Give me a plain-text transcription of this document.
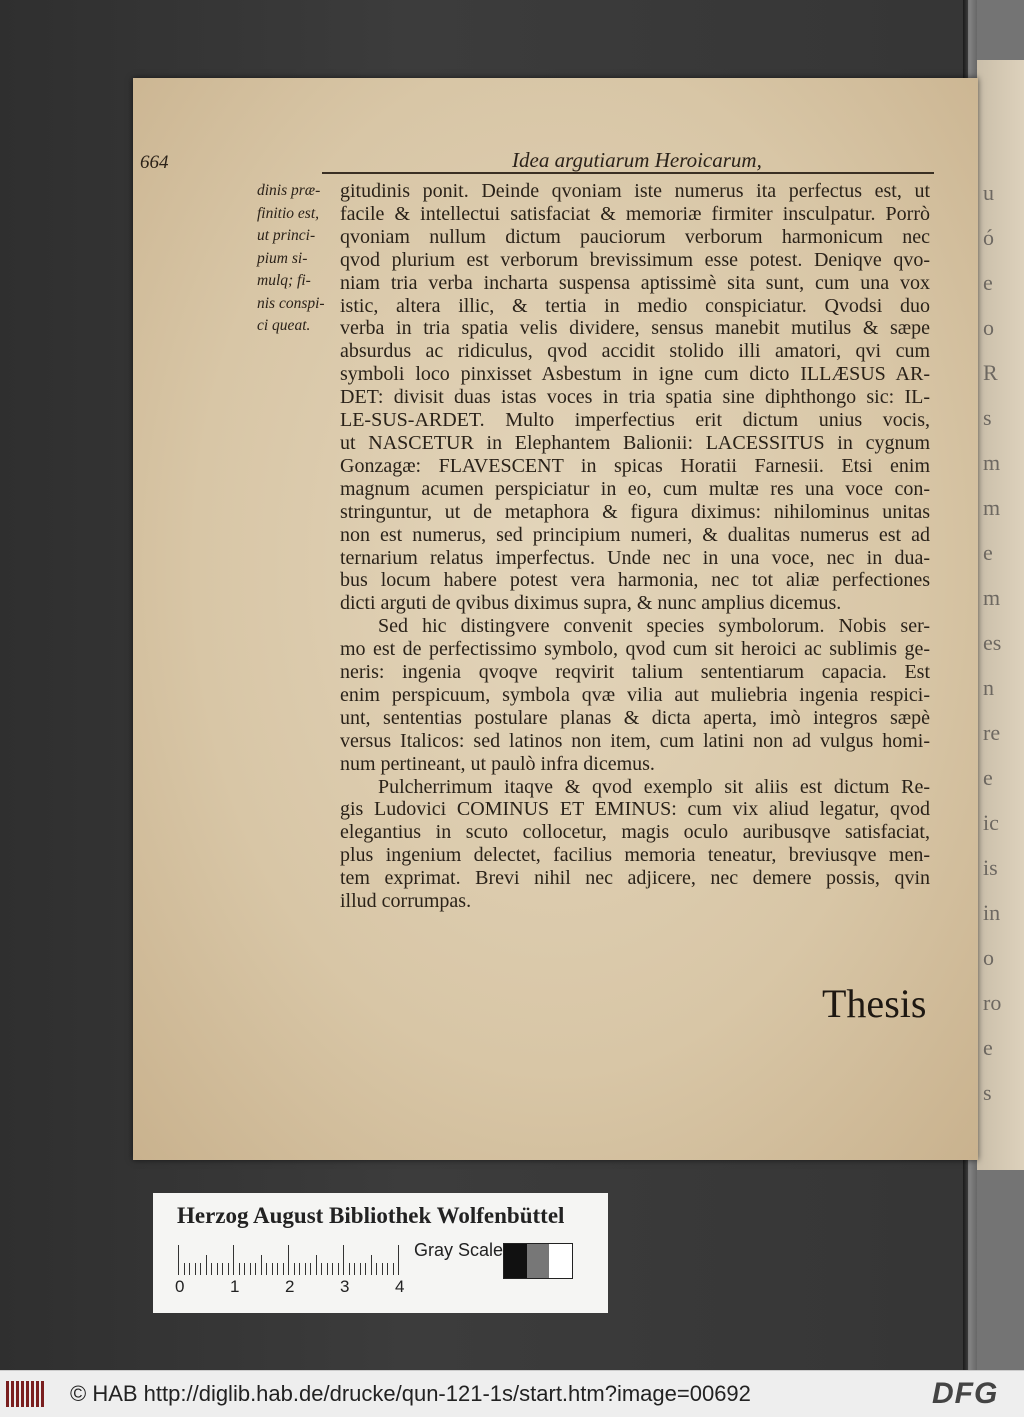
u
ó
e
o
R
s
m
m
e
m
es
n
re
e
ic
is
in
o
ro
e
s
664	Idea argutiarum Heroicarum,
dinis præ-
finitio est,
ut princi-
pium si-
mulq; fi-
nis conspi-
ci queat.
gitudinis ponit. Deinde qvoniam iste numerus ita perfectus est, ut
facile & intellectui satisfaciat & memoriæ firmiter insculpatur. Porrò
qvoniam nullum dictum pauciorum verborum harmonicum nec
qvod plurium est verborum brevissimum esse potest. Deniqve qvo-
niam tria verba incharta suspensa aptissimè sita sunt, cum una vox
istic, altera illic, & tertia in medio conspiciatur. Qvodsi duo
verba in tria spatia velis dividere, sensus manebit mutilus & sæpe
absurdus ac ridiculus, qvod accidit stolido illi amatori, qvi cum
symboli loco pinxisset Asbestum in igne cum dicto ILLÆSUS AR-
DET: divisit duas istas voces in tria spatia sine diphthongo sic: IL-
LE-SUS-ARDET. Multo imperfectius erit dictum unius vocis,
ut NASCETUR in Elephantem Balionii: LACESSITUS in cygnum
Gonzagæ: FLAVESCENT in spicas Horatii Farnesii. Etsi enim
magnum acumen perspiciatur in eo, cum multæ res una voce con-
stringuntur, ut de metaphora & figura diximus: nihilominus unitas
non est numerus, sed principium numeri, & dualitas numerus est ad
ternarium relatus imperfectus. Unde nec in una voce, nec in dua-
bus locum habere potest vera harmonia, nec tot aliæ perfectiones
dicti arguti de qvibus diximus supra, & nunc amplius dicemus.
Sed hic distingvere convenit species symbolorum. Nobis ser-
mo est de perfectissimo symbolo, qvod cum sit heroici ac sublimis ge-
neris: ingenia qvoqve reqvirit talium sententiarum capacia. Est
enim perspicuum, symbola qvæ vilia aut muliebria ingenia respici-
unt, sententias postulare planas & dicta aperta, imò integros sæpè
versus Italicos: sed latinos non item, cum latini non ad vulgus homi-
num pertineant, ut paulò infra dicemus.
Pulcherrimum itaqve & qvod exemplo sit aliis est dictum Re-
gis Ludovici COMINUS ET EMINUS: cum vix aliud legatur, qvod
elegantius in scuto collocetur, magis oculo auribusqve satisfaciat,
plus ingenium delectet, facilius memoria teneatur, breviusqve men-
tem exprimat. Brevi nihil nec adjicere, nec demere possis, qvin
illud corrumpas.
Thesis
Herzog August Bibliothek Wolfenbüttel
0	1	2	3	4
Gray Scale
© HAB http://diglib.hab.de/drucke/qun-121-1s/start.htm?image=00692	DFG
